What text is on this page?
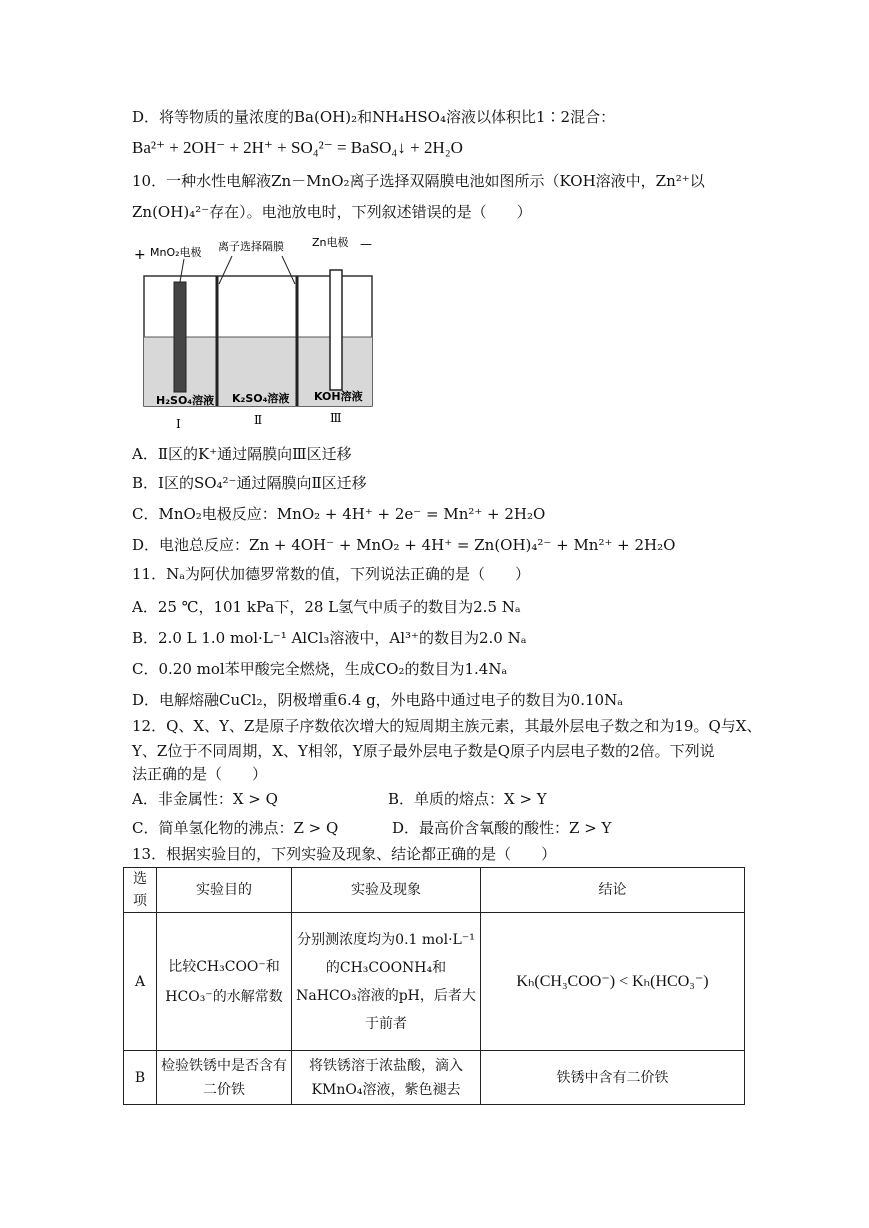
D．将等物质的量浓度的Ba(OH)₂和NH₄HSO₄溶液以体积比1∶2混合：
Ba²⁺ + 2OH⁻ + 2H⁺ + SO₄²⁻ = BaSO₄↓ + 2H₂O
10．一种水性电解液Zn－MnO₂离子选择双隔膜电池如图所示（KOH溶液中，Zn²⁺以
Zn(OH)₄²⁻存在）。电池放电时，下列叙述错误的是（　　）
+ MnO₂电极 离子选择隔膜	Zn电极 —
H₂SO₄溶液 K₂SO₄溶液 KOH溶液
Ⅰ	Ⅱ	Ⅲ
A．Ⅱ区的K⁺通过隔膜向Ⅲ区迁移
B．Ⅰ区的SO₄²⁻通过隔膜向Ⅱ区迁移
C．MnO₂电极反应：MnO₂ + 4H⁺ + 2e⁻ = Mn²⁺ + 2H₂O
D．电池总反应：Zn + 4OH⁻ + MnO₂ + 4H⁺ = Zn(OH)₄²⁻ + Mn²⁺ + 2H₂O
11．Nₐ为阿伏加德罗常数的值，下列说法正确的是（　　）
A．25 ℃，101 kPa下，28 L氢气中质子的数目为2.5 Nₐ
B．2.0 L 1.0 mol·L⁻¹ AlCl₃溶液中，Al³⁺的数目为2.0 Nₐ
C．0.20 mol苯甲酸完全燃烧，生成CO₂的数目为1.4Nₐ
D．电解熔融CuCl₂，阴极增重6.4 g，外电路中通过电子的数目为0.10Nₐ
12．Q、X、Y、Z是原子序数依次增大的短周期主族元素，其最外层电子数之和为19。Q与X、
Y、Z位于不同周期，X、Y相邻，Y原子最外层电子数是Q原子内层电子数的2倍。下列说
法正确的是（　　）
A．非金属性：X > Q	B．单质的熔点：X > Y
C．简单氢化物的沸点：Z > Q	D．最高价含氧酸的酸性：Z > Y
13．根据实验目的，下列实验及现象、结论都正确的是（　　）
选项	实验目的	实验及现象	结论
A	比较CH₃COO⁻和HCO₃⁻的水解常数	分别测浓度均为0.1 mol·L⁻¹的CH₃COONH₄和NaHCO₃溶液的pH，后者大于前者	Kₕ(CH₃COO⁻) < Kₕ(HCO₃⁻)
B	检验铁锈中是否含有二价铁	将铁锈溶于浓盐酸，滴入KMnO₄溶液，紫色褪去	铁锈中含有二价铁
